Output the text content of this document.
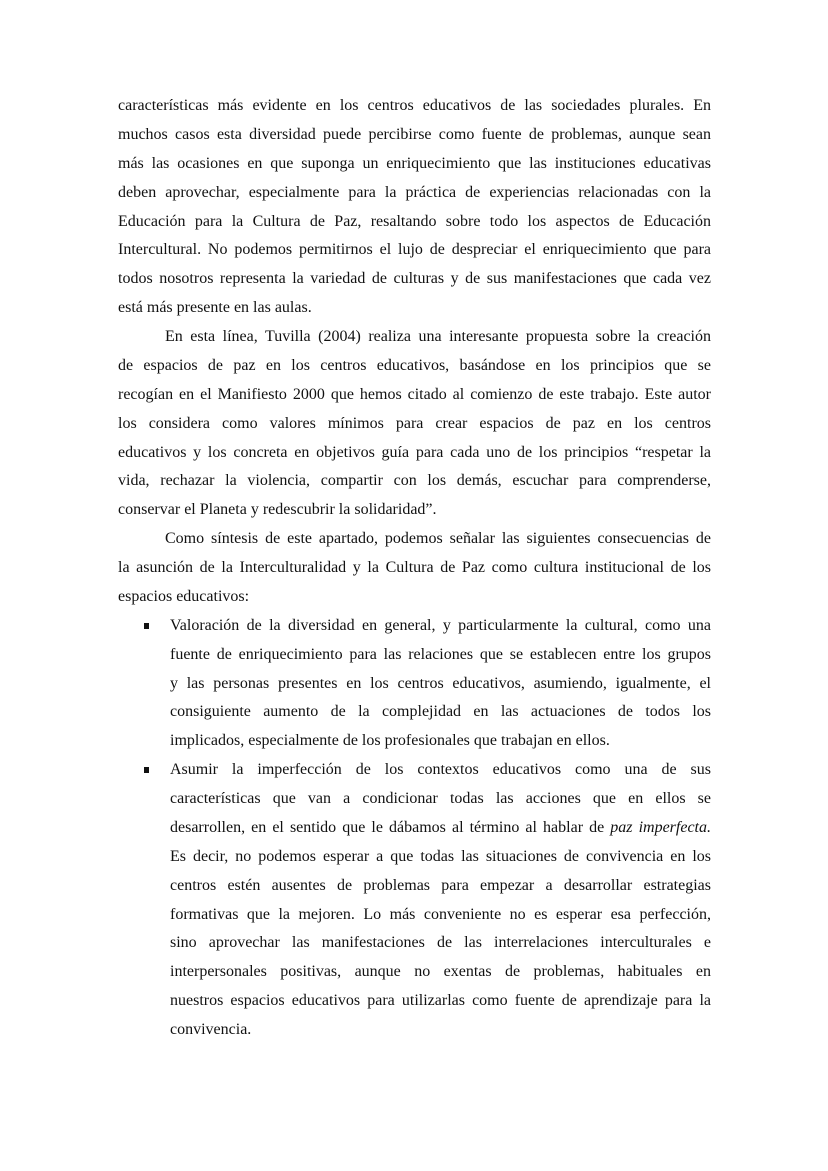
características más evidente en los centros educativos de las sociedades plurales. En
muchos casos esta diversidad puede percibirse como fuente de problemas, aunque sean
más las ocasiones en que suponga un enriquecimiento que las instituciones educativas
deben aprovechar, especialmente para la práctica de experiencias relacionadas con la
Educación para la Cultura de Paz, resaltando sobre todo los aspectos de Educación
Intercultural. No podemos permitirnos el lujo de despreciar el enriquecimiento que para
todos nosotros representa la variedad de culturas y de sus manifestaciones que cada vez
está más presente en las aulas.
En esta línea, Tuvilla (2004) realiza una interesante propuesta sobre la creación
de espacios de paz en los centros educativos, basándose en los principios que se
recogían en el Manifiesto 2000 que hemos citado al comienzo de este trabajo. Este autor
los considera como valores mínimos para crear espacios de paz en los centros
educativos y los concreta en objetivos guía para cada uno de los principios “respetar la
vida, rechazar la violencia, compartir con los demás, escuchar para comprenderse,
conservar el Planeta y redescubrir la solidaridad”.
Como síntesis de este apartado, podemos señalar las siguientes consecuencias de
la asunción de la Interculturalidad y la Cultura de Paz como cultura institucional de los
espacios educativos:
Valoración de la diversidad en general, y particularmente la cultural, como una
fuente de enriquecimiento para las relaciones que se establecen entre los grupos
y las personas presentes en los centros educativos, asumiendo, igualmente, el
consiguiente aumento de la complejidad en las actuaciones de todos los
implicados, especialmente de los profesionales que trabajan en ellos.
Asumir la imperfección de los contextos educativos como una de sus
características que van a condicionar todas las acciones que en ellos se
desarrollen, en el sentido que le dábamos al término al hablar de paz imperfecta.
Es decir, no podemos esperar a que todas las situaciones de convivencia en los
centros estén ausentes de problemas para empezar a desarrollar estrategias
formativas que la mejoren. Lo más conveniente no es esperar esa perfección,
sino aprovechar las manifestaciones de las interrelaciones interculturales e
interpersonales positivas, aunque no exentas de problemas, habituales en
nuestros espacios educativos para utilizarlas como fuente de aprendizaje para la
convivencia.
